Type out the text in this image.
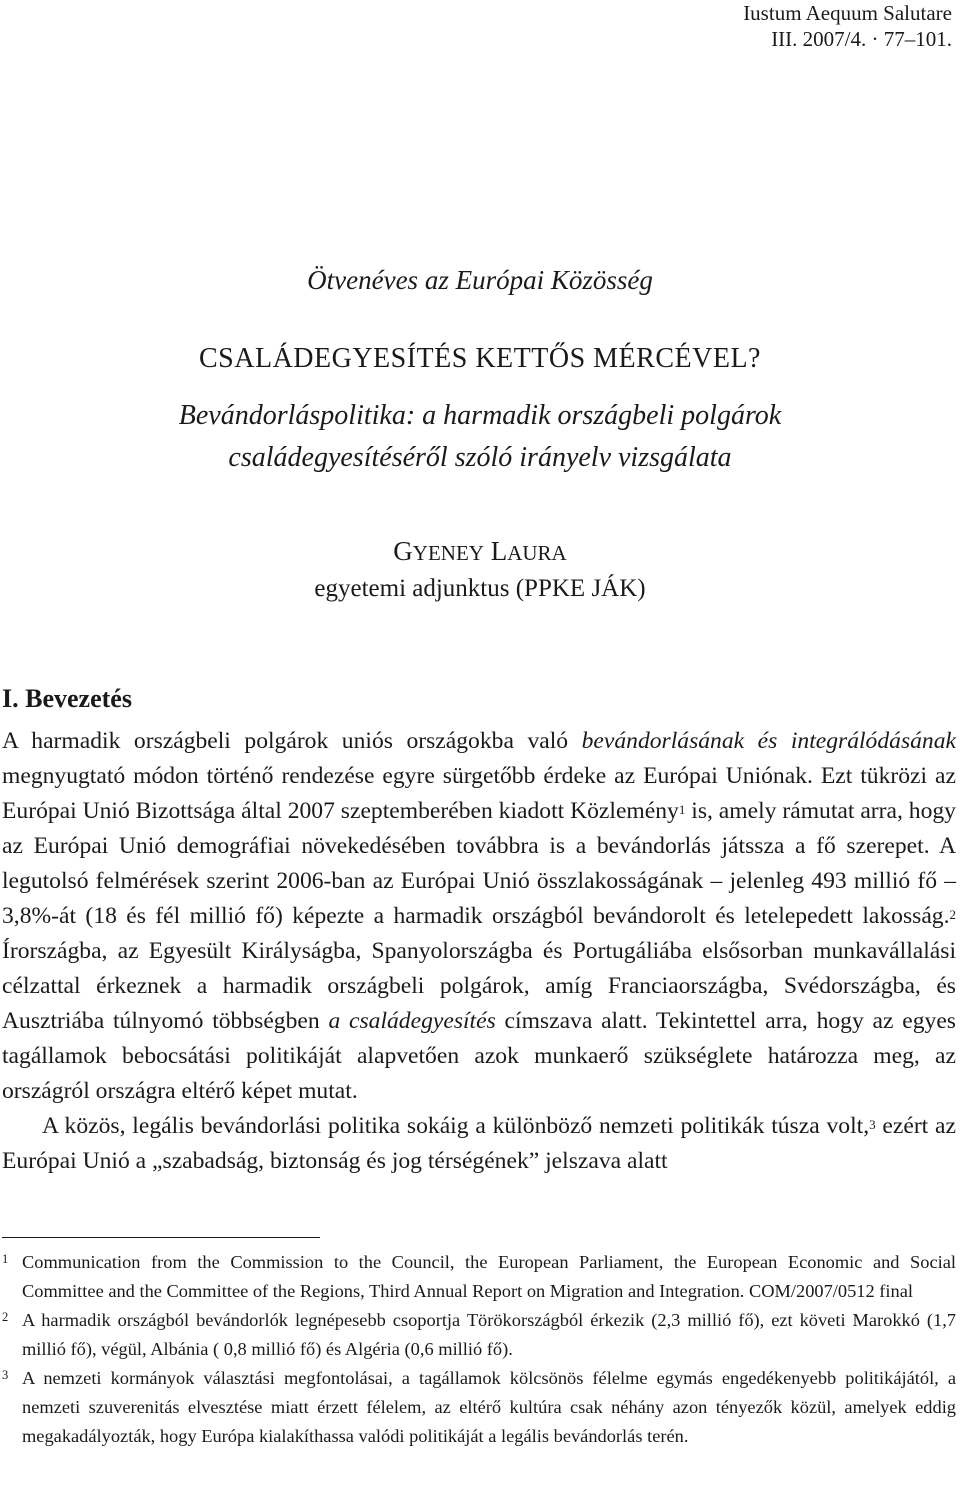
Iustum Aequum Salutare
III. 2007/4. · 77–101.
Ötvenéves az Európai Közösség
CSALÁDEGYESÍTÉS KETTŐS MÉRCÉVEL?
Bevándorláspolitika: a harmadik országbeli polgárok
családegyesítéséről szóló irányelv vizsgálata
GYENEY LAURA
egyetemi adjunktus (PPKE JÁK)
I. Bevezetés

A harmadik országbeli polgárok uniós országokba való bevándorlásának és integrálódásának megnyugtató módon történő rendezése egyre sürgetőbb érdeke az Európai Uniónak. Ezt tükrözi az Európai Unió Bizottsága által 2007 szeptemberében kiadott Közlemény$^1$ is, amely rámutat arra, hogy az Európai Unió demográfiai növekedésében továbbra is a bevándorlás játssza a fő szerepet. A legutolsó felmérések szerint 2006-ban az Európai Unió összlakosságának – jelenleg 493 millió fő – 3,8%-át (18 és fél millió fő) képezte a harmadik országból bevándorolt és letelepedett lakosság.$^2$ Írországba, az Egyesült Királyságba, Spanyolországba és Portugáliába elsősorban munkavállalási célzattal érkeznek a harmadik országbeli polgárok, amíg Franciaországba, Svédországba, és Ausztriába túlnyomó többségben a családegyesítés címszava alatt. Tekintettel arra, hogy az egyes tagállamok bebocsátási politikáját alapvetően azok munkaerő szükséglete határozza meg, az országról országra eltérő képet mutat.

A közös, legális bevándorlási politika sokáig a különböző nemzeti politikák túsza volt,$^3$ ezért az Európai Unió a „szabadság, biztonság és jog térségének” jelszava alatt

1 Communication from the Commission to the Council, the European Parliament, the European Economic and Social Committee and the Committee of the Regions, Third Annual Report on Migration and Integration. COM/2007/0512 final
2 A harmadik országból bevándorlók legnépesebb csoportja Törökországból érkezik (2,3 millió fő), ezt követi Marokkó (1,7 millió fő), végül, Albánia ( 0,8 millió fő) és Algéria (0,6 millió fő).
3 A nemzeti kormányok választási megfontolásai, a tagállamok kölcsönös félelme egymás engedékenyebb politikájától, a nemzeti szuverenitás elvesztése miatt érzett félelem, az eltérő kultúra csak néhány azon tényezők közül, amelyek eddig megakadályozták, hogy Európa kialakíthassa valódi politikáját a legális bevándorlás terén.
